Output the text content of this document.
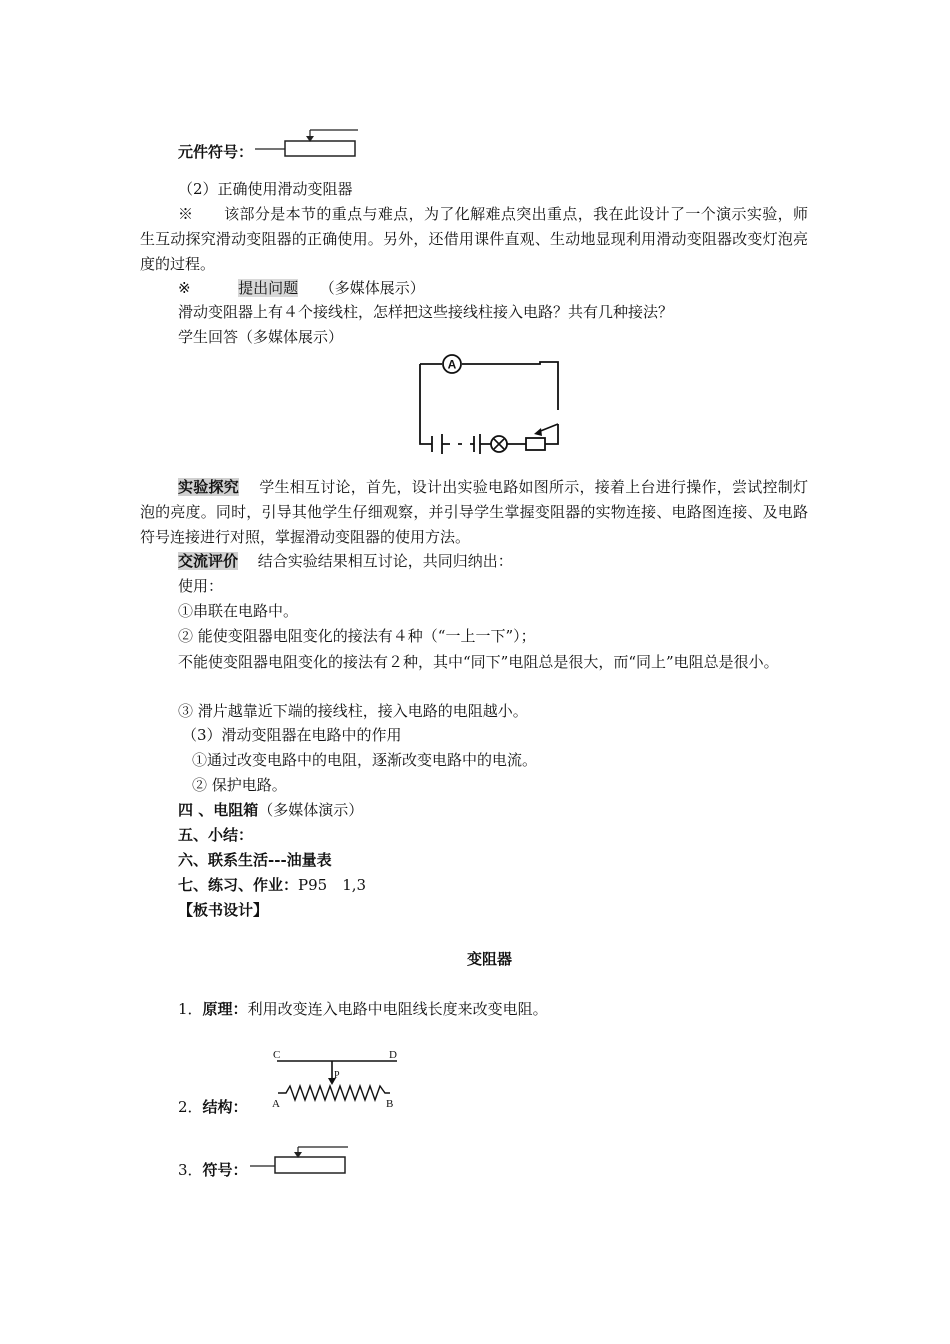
元件符号：
（2）正确使用滑动变阻器
※　　 该部分是本节的重点与难点，为了化解难点突出重点，我在此设计了一个演示实验，师生互动探究滑动变阻器的正确使用。另外，还借用课件直观、生动地显现利用滑动变阻器改变灯泡亮度的过程。
※	提出问题 （多媒体展示）
滑动变阻器上有４个接线柱，怎样把这些接线柱接入电路？共有几种接法？
学生回答（多媒体展示）
A
实验探究　 学生相互讨论，首先，设计出实验电路如图所示，接着上台进行操作，尝试控制灯泡的亮度。同时，引导其他学生仔细观察，并引导学生掌握变阻器的实物连接、电路图连接、及电路符号连接进行对照，掌握滑动变阻器的使用方法。
交流评价　 结合实验结果相互讨论，共同归纳出：
使用：
①串联在电路中。
② 能使变阻器电阻变化的接法有４种（“一上一下”）；
不能使变阻器电阻变化的接法有２种，其中“同下”电阻总是很大，而“同上”电阻总是很小。
③ 滑片越靠近下端的接线柱，接入电路的电阻越小。
（3）滑动变阻器在电路中的作用
①通过改变电路中的电阻，逐渐改变电路中的电流。
② 保护电路。
四 、电阻箱（多媒体演示）
五、小结：
六、联系生活---油量表
七、练习、作业：P95　1,3
【板书设计】
变阻器
1．原理：利用改变连入电路中电阻线长度来改变电阻。
2．结构：
C	D
P
A	B
3．符号：
